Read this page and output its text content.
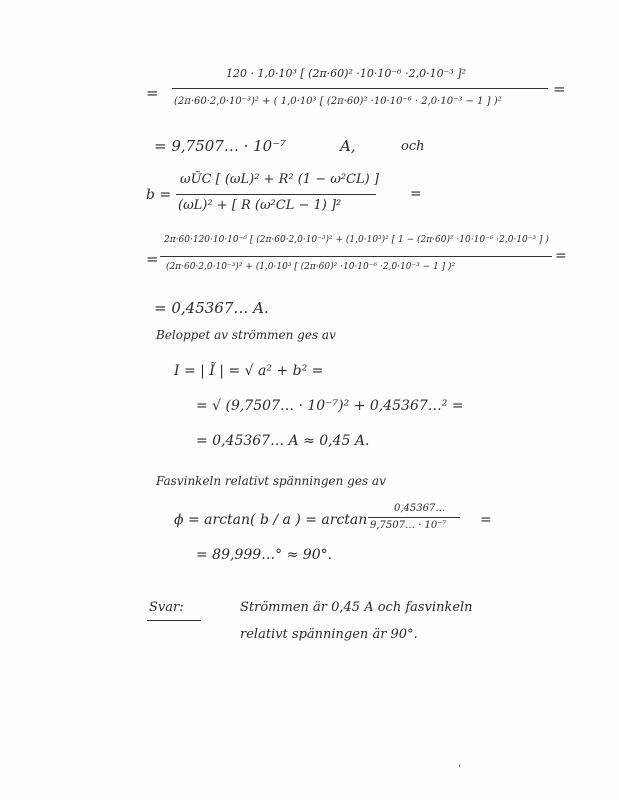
=
120 · 1,0·10³ [ (2π·60)² ·10·10⁻⁶ ·2,0·10⁻³ ]²
(2π·60·2,0·10⁻³)² + ( 1,0·10³ [ (2π·60)² ·10·10⁻⁶ · 2,0·10⁻³ − 1 ] )²
=
= 9,7507… · 10⁻⁷	A,	och
b =
ωŨC [ (ωL)² + R² (1 − ω²CL) ]
(ωL)² + [ R (ω²CL − 1) ]²
=
=
2π·60·120·10·10⁻⁶ [ (2π·60·2,0·10⁻³)² + (1,0·10³)² [ 1 − (2π·60)² ·10·10⁻⁶ ·2,0·10⁻³ ] )
(2π·60·2,0·10⁻³)² + (1,0·10³ [ (2π·60)² ·10·10⁻⁶ ·2,0·10⁻³ − 1 ] )²
=
= 0,45367… A.
Beloppet av strömmen ges av
I = | Ĩ | = √ a² + b² =
= √ (9,7507… · 10⁻⁷)² + 0,45367…² =
= 0,45367… A ≈ 0,45 A.
Fasvinkeln relativt spänningen ges av
ϕ = arctan( b / a ) = arctan
0,45367…
9,7507… · 10⁻⁷ =
= 89,999…° ≈ 90°.
Svar:	Strömmen är 0,45 A och fasvinkeln
relativt spänningen är 90°.
'
